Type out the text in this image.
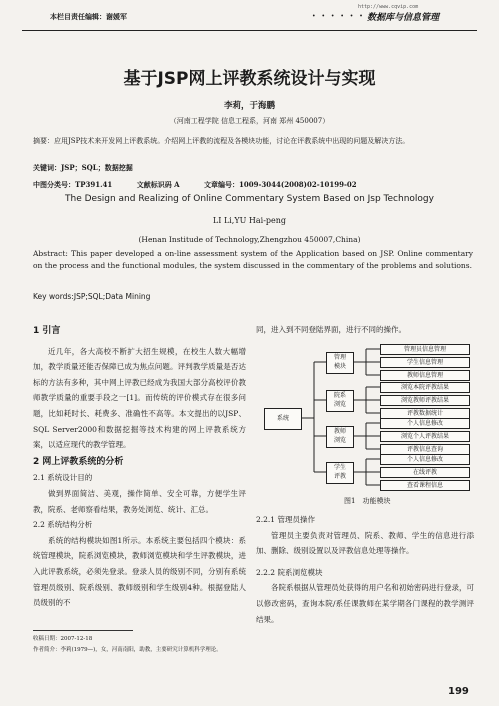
本栏目责任编辑：谢媛军
http://www.cqvip.com
• • • • • • • •
数据库与信息管理
基于JSP网上评教系统设计与实现
李莉，于海鹏
（河南工程学院 信息工程系，河南 郑州 450007）
摘要：应用JSP技术来开发网上评教系统。介绍网上评教的流程及各模块功能，讨论在评教系统中出现的问题及解决方法。
关键词：JSP；SQL；数据挖掘
中图分类号：TP391.41	文献标识码 A	文章编号：1009-3044(2008)02-10199-02
The Design and Realizing of Online Commentary System Based on Jsp Technology
LI Li,YU Hai-peng
(Henan Institude of Technology,Zhengzhou 450007,China)
Abstract: This paper developed a on-line assessment system of the Application based on JSP. Online commentary on the process and the functional modules, the system discussed in the commentary of the problems and solutions.
Key words:JSP;SQL;Data Mining
1 引言
近几年，各大高校不断扩大招生规模，在校生人数大幅增加，教学质量还能否保障已成为焦点问题。评判教学质量是否达标的方法有多种，其中网上评教已经成为我国大部分高校评价教师教学质量的重要手段之一[1]。而传统的评价模式存在很多问题，比如耗时长、耗费多、准确性不高等。本文提出的以JSP、SQL Server2000和数据挖掘等技术构建的网上评教系统方案，以适应现代的教学管理。
2 网上评教系统的分析
2.1 系统设计目的
做到界面简洁、美观，操作简单、安全可靠，方便学生评教，院系、老师察看结果，教务处浏览、统计、汇总。
2.2 系统结构分析
系统的结构模块如图1所示。本系统主要包括四个模块：系统管理模块，院系浏览模块，教师浏览模块和学生评教模块，进入此评教系统，必须先登录。登录人员的级别不同，分别有系统管理员级别、院系级别、教师级别和学生级别4种。根据登陆人员级别的不
同，进入到不同登陆界面，进行不同的操作。
系统
管理
模块
院系
浏览
教师
浏览
学生
评教
管理员信息管理
学生信息管理
教师信息管理
浏览本院评教结果
浏览教师评教结果
评教数据统计
个人信息修改
浏览个人评教结果
评教信息查询
个人信息修改
在线评教
查看课程信息
图1　功能模块
2.2.1 管理员操作
管理员主要负责对管理员、院系、教师、学生的信息进行添加、删除、级别设置以及评教信息处理等操作。
2.2.2 院系浏览模块
各院系根据从管理员处获得的用户名和初始密码进行登录，可以修改密码，查询本院/系任课教师在某学期各门课程的教学测评结果。
收稿日期：2007-12-18
作者简介：李莉(1979—)，女，河南南阳，助教，主要研究计算机科学理论。
199
